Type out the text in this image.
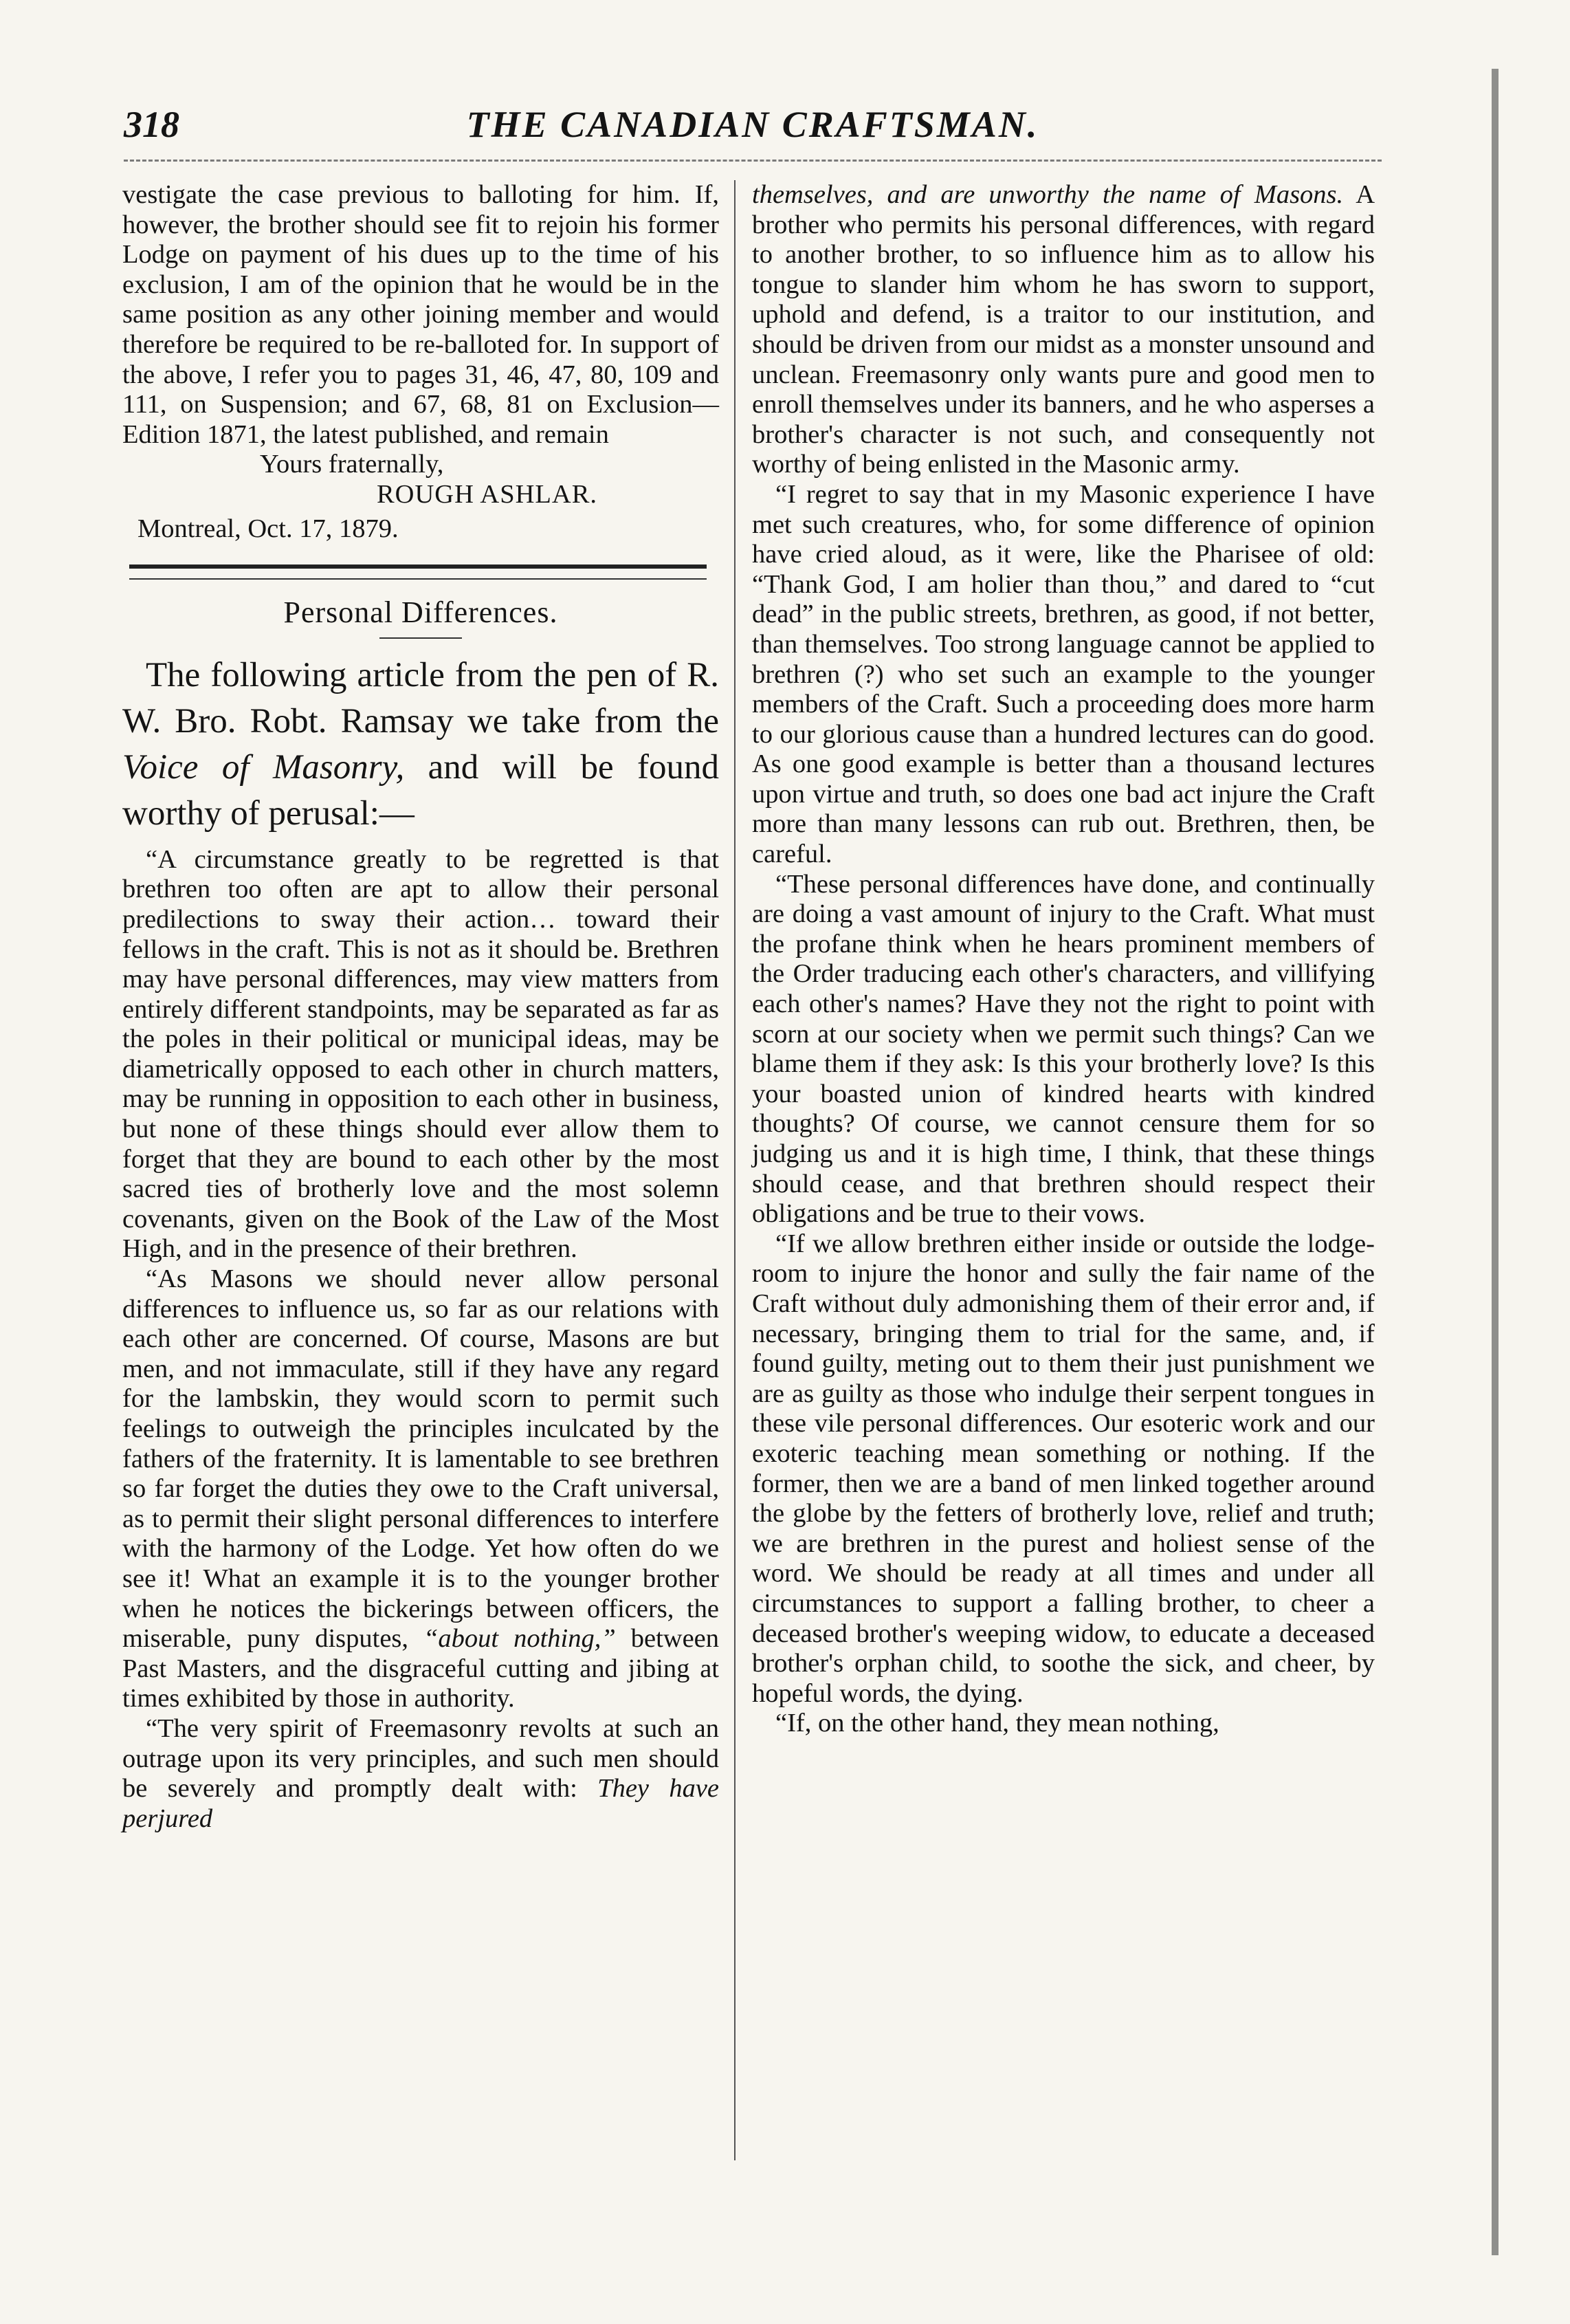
318	THE CANADIAN CRAFTSMAN.

vestigate the case previous to balloting for him. If, however, the brother should see fit to rejoin his former Lodge on payment of his dues up to the time of his exclusion, I am of the opinion that he would be in the same position as any other joining member and would therefore be required to be re-balloted for. In support of the above, I refer you to pages 31, 46, 47, 80, 109 and 111, on Suspension; and 67, 68, 81 on Exclusion—Edition 1871, the latest published, and remain

Yours fraternally,

ROUGH ASHLAR.

Montreal, Oct. 17, 1879.

Personal Differences.

The following article from the pen of R. W. Bro. Robt. Ramsay we take from the Voice of Masonry, and will be found worthy of perusal:—

“A circumstance greatly to be regretted is that brethren too often are apt to allow their personal predilections to sway their action… toward their fellows in the craft. This is not as it should be. Brethren may have personal differences, may view matters from entirely different standpoints, may be separated as far as the poles in their political or municipal ideas, may be diametrically opposed to each other in church matters, may be running in opposition to each other in business, but none of these things should ever allow them to forget that they are bound to each other by the most sacred ties of brotherly love and the most solemn covenants, given on the Book of the Law of the Most High, and in the presence of their brethren.

“As Masons we should never allow personal differences to influence us, so far as our relations with each other are concerned. Of course, Masons are but men, and not immaculate, still if they have any regard for the lambskin, they would scorn to permit such feelings to outweigh the principles inculcated by the fathers of the fraternity. It is lamentable to see brethren so far forget the duties they owe to the Craft universal, as to permit their slight personal differences to interfere with the harmony of the Lodge. Yet how often do we see it! What an example it is to the younger brother when he notices the bickerings between officers, the miserable, puny disputes, “about nothing,” between Past Masters, and the disgraceful cutting and jibing at times exhibited by those in authority.

“The very spirit of Freemasonry revolts at such an outrage upon its very principles, and such men should be severely and promptly dealt with: They have perjured

themselves, and are unworthy the name of Masons. A brother who permits his personal differences, with regard to another brother, to so influence him as to allow his tongue to slander him whom he has sworn to support, uphold and defend, is a traitor to our institution, and should be driven from our midst as a monster unsound and unclean. Freemasonry only wants pure and good men to enroll themselves under its banners, and he who asperses a brother's character is not such, and consequently not worthy of being enlisted in the Masonic army.

“I regret to say that in my Masonic experience I have met such creatures, who, for some difference of opinion have cried aloud, as it were, like the Pharisee of old: “Thank God, I am holier than thou,” and dared to “cut dead” in the public streets, brethren, as good, if not better, than themselves. Too strong language cannot be applied to brethren (?) who set such an example to the younger members of the Craft. Such a proceeding does more harm to our glorious cause than a hundred lectures can do good. As one good example is better than a thousand lectures upon virtue and truth, so does one bad act injure the Craft more than many lessons can rub out. Brethren, then, be careful.

“These personal differences have done, and continually are doing a vast amount of injury to the Craft. What must the profane think when he hears prominent members of the Order traducing each other's characters, and villifying each other's names? Have they not the right to point with scorn at our society when we permit such things? Can we blame them if they ask: Is this your brotherly love? Is this your boasted union of kindred hearts with kindred thoughts? Of course, we cannot censure them for so judging us and it is high time, I think, that these things should cease, and that brethren should respect their obligations and be true to their vows.

“If we allow brethren either inside or outside the lodge-room to injure the honor and sully the fair name of the Craft without duly admonishing them of their error and, if necessary, bringing them to trial for the same, and, if found guilty, meting out to them their just punishment we are as guilty as those who indulge their serpent tongues in these vile personal differences. Our esoteric work and our exoteric teaching mean something or nothing. If the former, then we are a band of men linked together around the globe by the fetters of brotherly love, relief and truth; we are brethren in the purest and holiest sense of the word. We should be ready at all times and under all circumstances to support a falling brother, to cheer a deceased brother's weeping widow, to educate a deceased brother's orphan child, to soothe the sick, and cheer, by hopeful words, the dying.

“If, on the other hand, they mean nothing,
